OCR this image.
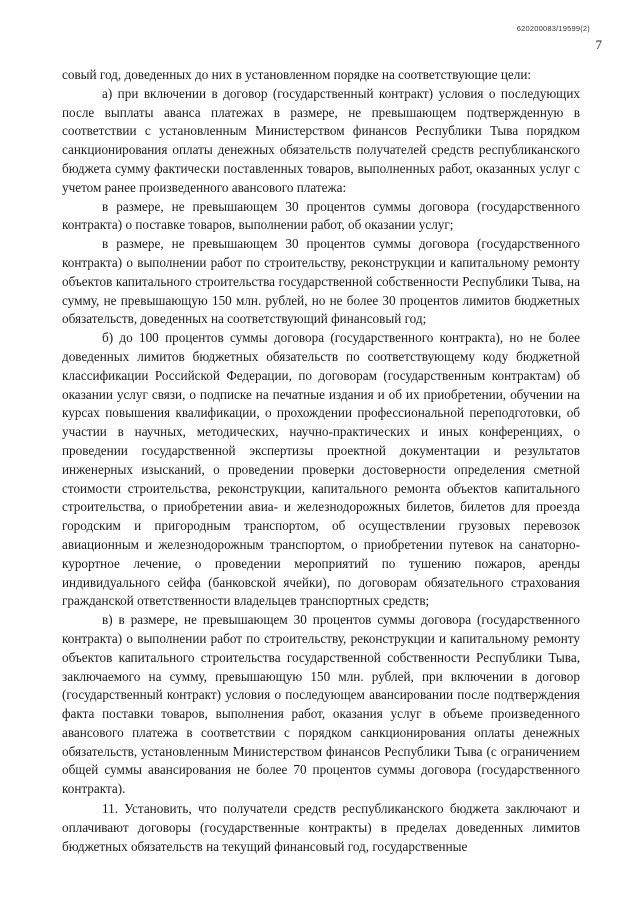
620200083/19599(2)
7

совый год, доведенных до них в установленном порядке на соответствующие цели:

а) при включении в договор (государственный контракт) условия о последующих после выплаты аванса платежах в размере, не превышающем подтвержденную в соответствии с установленным Министерством финансов Республики Тыва порядком санкционирования оплаты денежных обязательств получателей средств республиканского бюджета сумму фактически поставленных товаров, выполненных работ, оказанных услуг с учетом ранее произведенного авансового платежа:

в размере, не превышающем 30 процентов суммы договора (государственного контракта) о поставке товаров, выполнении работ, об оказании услуг;

в размере, не превышающем 30 процентов суммы договора (государственного контракта) о выполнении работ по строительству, реконструкции и капитальному ремонту объектов капитального строительства государственной собственности Республики Тыва, на сумму, не превышающую 150 млн. рублей, но не более 30 процентов лимитов бюджетных обязательств, доведенных на соответствующий финансовый год;

б) до 100 процентов суммы договора (государственного контракта), но не более доведенных лимитов бюджетных обязательств по соответствующему коду бюджетной классификации Российской Федерации, по договорам (государственным контрактам) об оказании услуг связи, о подписке на печатные издания и об их приобретении, обучении на курсах повышения квалификации, о прохождении профессиональной переподготовки, об участии в научных, методических, научно-практических и иных конференциях, о проведении государственной экспертизы проектной документации и результатов инженерных изысканий, о проведении проверки достоверности определения сметной стоимости строительства, реконструкции, капитального ремонта объектов капитального строительства, о приобретении авиа- и железнодорожных билетов, билетов для проезда городским и пригородным транспортом, об осуществлении грузовых перевозок авиационным и железнодорожным транспортом, о приобретении путевок на санаторно-курортное лечение, о проведении мероприятий по тушению пожаров, аренды индивидуального сейфа (банковской ячейки), по договорам обязательного страхования гражданской ответственности владельцев транспортных средств;

в) в размере, не превышающем 30 процентов суммы договора (государственного контракта) о выполнении работ по строительству, реконструкции и капитальному ремонту объектов капитального строительства государственной собственности Республики Тыва, заключаемого на сумму, превышающую 150 млн. рублей, при включении в договор (государственный контракт) условия о последующем авансировании после подтверждения факта поставки товаров, выполнения работ, оказания услуг в объеме произведенного авансового платежа в соответствии с порядком санкционирования оплаты денежных обязательств, установленным Министерством финансов Республики Тыва (с ограничением общей суммы авансирования не более 70 процентов суммы договора (государственного контракта).

11. Установить, что получатели средств республиканского бюджета заключают и оплачивают договоры (государственные контракты) в пределах доведенных лимитов бюджетных обязательств на текущий финансовый год, государственные
